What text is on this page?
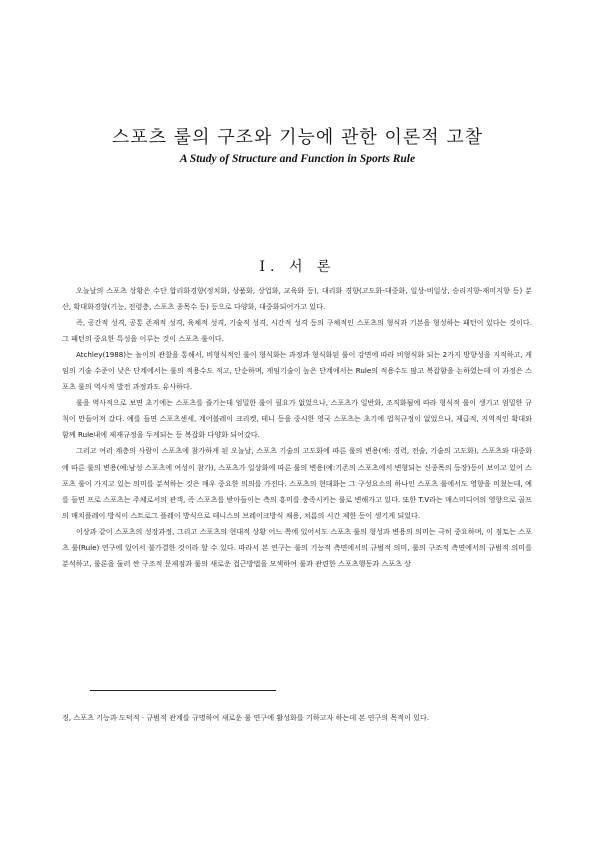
스포츠 룰의 구조와 기능에 관한 이론적 고찰
A Study of Structure and Function in Sports Rule
Ⅰ. 서 론

오늘날의 스포츠 상황은 수단 합리화경향(정치화, 상품화, 상업화, 교육화 등), 대리화 경향(고도화-대중화, 일상-비일상, 승리지향-재미지향 등) 분산, 확대화경향(기능, 전령층, 스포츠 종목수 등) 등으로 다양화, 대중화되어가고 있다.

즉, 공간적 성격, 공통 존재적 성격, 육체적 성격, 기술적 성격, 시간적 성격 등의 구체적인 스포츠의 형식과 기본을 형성하는 패턴이 있다는 것이다. 그 패턴의 중요한 특성을 이루는 것이 스포츠 룰이다.

Atchley(1988)는 놀이의 관찰을 통해서, 비형식적인 룰이 형식화는 과정과 형식화된 룰이 강면에 따라 비형식화 되는 2가지 방향성을 지적하고, 게임의 기술 수준이 낮은 단계에서는 룰의 적용수도 적고, 단순하며, 게임기술이 높은 단계에서는 Rule의 적용수도 많고 복잡함을 논하였는데 이 과정은 스포츠 룰의 역사적 발전 과정과도 유사하다.

룰을 역사적으로 보면 초기에는 스포츠를 즐기는데 엄밀한 룰이 필요가 없었으나, 스포츠가 일반화, 조직화됨에 따라 형식적 룰이 생기고 엄밀한 규칙이 만들어져 갔다. 예를 들면 스포츠센세, 계어볼레이 크리켓, 테니 등을 중시한 영국 스포츠는 초기에 법칙규정이 없었으나, 제급적, 지역적인 확대와 함께 Rule내에 제재규정을 두게되는 등 복잡화 다양화 되어갔다.

그러고 여러 계층의 사람이 스포츠에 참가하게 된 오늘날, 스포츠 기술의 고도화에 따른 룰의 변용(예: 경력, 전술, 기술의 고도화), 스포츠와 대중화에 따른 룰의 변용(예:남성 스포츠에 여성이 참가), 스포츠가 일상화에 따른 룰의 변용(예:기존의 스포츠에서 변형되는 신종목의 등장)등이 보이고 있어 스포츠 룰이 가지고 있는 의미를 분석하는 것은 매우 중요한 의의를 가진다. 스포츠의 현대화는 그 구성요소의 하나인 스포츠 룰에서도 영향을 미쳤는데, 예를 들면 프로 스포츠는 주체로서의 관객, 즉 스포츠를 받아들이는 측의 흥미를 충족시키는 룰로 변해가고 있다. 또한 T.V라는 매스미디어의 영향으로 골프의 매치플레이 방식이 스트로그 플레이 방식으로 테니스의 브레이크방식 채용, 처름의 시간 제한 등이 생기게 되었다.

이상과 같이 스포츠의 성장과정, 그리고 스포츠의 현대적 상황 어느 쪽에 있어서도 스포츠 룰의 형성과 변용의 의미는 극히 중요하며, 이 점토는 스포츠 룰(Rule) 연구에 있어서 불가결한 것이라 할 수 있다. 따라서 본 연구는 룰의 기능적 측면에서의 규범적 의미, 룰의 구조적 측면에서의 규범적 의미를 분석하고, 룰론을 둘러 싼 구조적 문제점과 룰의 새로운 접근방법을 모색하여 룰과 관련한 스포츠행동과 스포츠 상

징, 스포츠 기능과 도덕적 · 규범적 관계를 규명하여 새로운 룰 연구에 활성화를 기하고자 하는데 본 연구의 목적이 있다.
